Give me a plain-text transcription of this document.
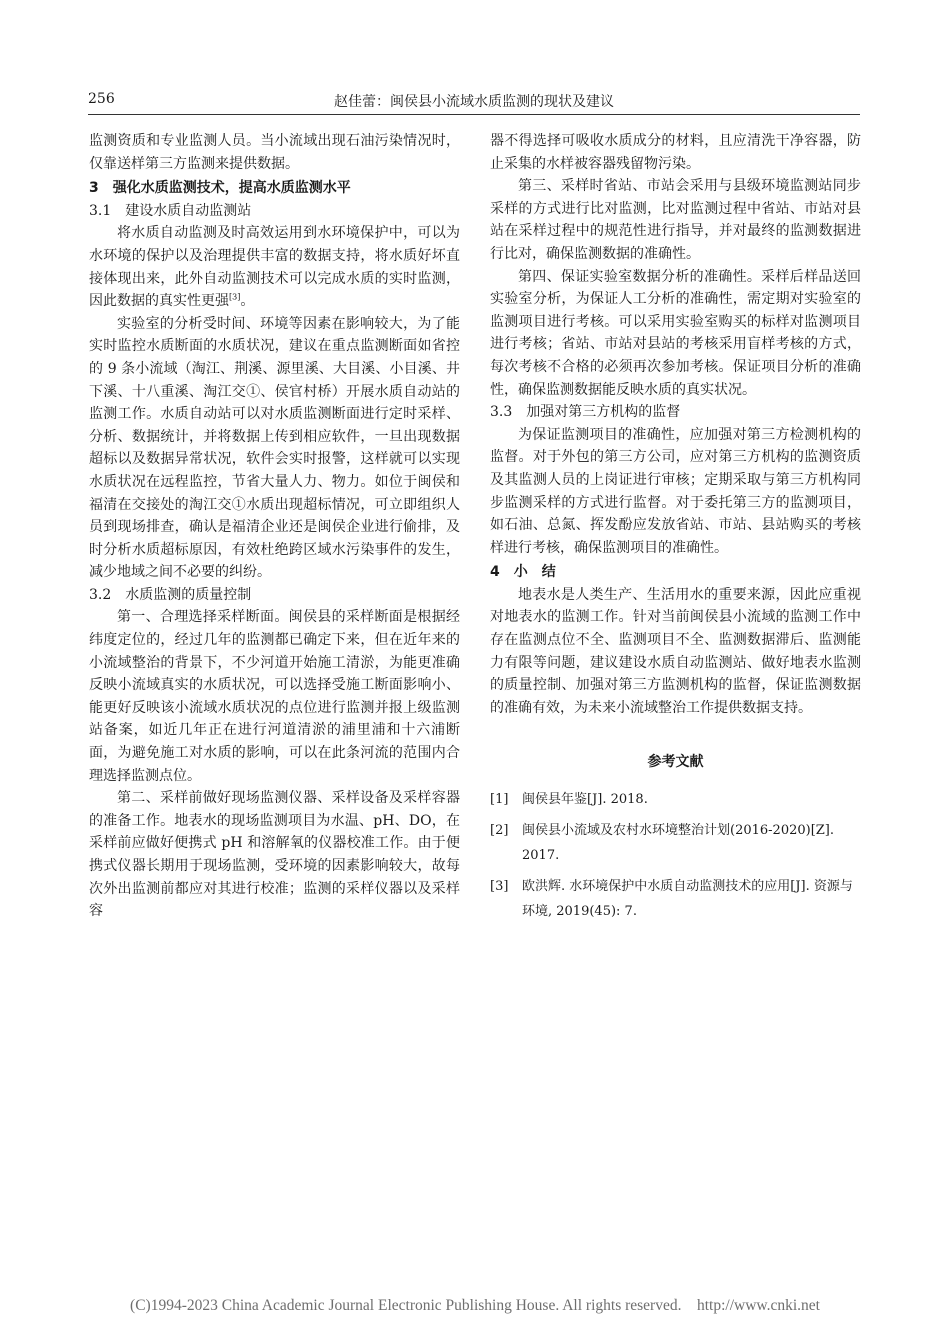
256	赵佳蕾：闽侯县小流域水质监测的现状及建议

监测资质和专业监测人员。当小流域出现石油污染情况时，仅靠送样第三方监测来提供数据。

3　强化水质监测技术，提高水质监测水平
3.1　建设水质自动监测站

将水质自动监测及时高效运用到水环境保护中，可以为水环境的保护以及治理提供丰富的数据支持，将水质好坏直接体现出来，此外自动监测技术可以完成水质的实时监测，因此数据的真实性更强[3]。

实验室的分析受时间、环境等因素在影响较大，为了能实时监控水质断面的水质状况，建议在重点监测断面如省控的 9 条小流域（淘江、荆溪、源里溪、大目溪、小目溪、井下溪、十八重溪、淘江交①、侯官村桥）开展水质自动站的监测工作。水质自动站可以对水质监测断面进行定时采样、分析、数据统计，并将数据上传到相应软件，一旦出现数据超标以及数据异常状况，软件会实时报警，这样就可以实现水质状况在远程监控，节省大量人力、物力。如位于闽侯和福清在交接处的淘江交①水质出现超标情况，可立即组织人员到现场排查，确认是福清企业还是闽侯企业进行偷排，及时分析水质超标原因，有效杜绝跨区域水污染事件的发生，减少地域之间不必要的纠纷。

3.2　水质监测的质量控制

第一、合理选择采样断面。闽侯县的采样断面是根据经纬度定位的，经过几年的监测都已确定下来，但在近年来的小流域整治的背景下，不少河道开始施工清淤，为能更准确反映小流域真实的水质状况，可以选择受施工断面影响小、能更好反映该小流域水质状况的点位进行监测并报上级监测站备案，如近几年正在进行河道清淤的浦里浦和十六浦断面，为避免施工对水质的影响，可以在此条河流的范围内合理选择监测点位。

第二、采样前做好现场监测仪器、采样设备及采样容器的准备工作。地表水的现场监测项目为水温、pH、DO，在采样前应做好便携式 pH 和溶解氧的仪器校准工作。由于便携式仪器长期用于现场监测，受环境的因素影响较大，故每次外出监测前都应对其进行校准；监测的采样仪器以及采样容

器不得选择可吸收水质成分的材料，且应清洗干净容器，防止采集的水样被容器残留物污染。

第三、采样时省站、市站会采用与县级环境监测站同步采样的方式进行比对监测，比对监测过程中省站、市站对县站在采样过程中的规范性进行指导，并对最终的监测数据进行比对，确保监测数据的准确性。

第四、保证实验室数据分析的准确性。采样后样品送回实验室分析，为保证人工分析的准确性，需定期对实验室的监测项目进行考核。可以采用实验室购买的标样对监测项目进行考核；省站、市站对县站的考核采用盲样考核的方式，每次考核不合格的必须再次参加考核。保证项目分析的准确性，确保监测数据能反映水质的真实状况。

3.3　加强对第三方机构的监督

为保证监测项目的准确性，应加强对第三方检测机构的监督。对于外包的第三方公司，应对第三方机构的监测资质及其监测人员的上岗证进行审核；定期采取与第三方机构同步监测采样的方式进行监督。对于委托第三方的监测项目，如石油、总氮、挥发酚应发放省站、市站、县站购买的考核样进行考核，确保监测项目的准确性。

4　小　结

地表水是人类生产、生活用水的重要来源，因此应重视对地表水的监测工作。针对当前闽侯县小流域的监测工作中存在监测点位不全、监测项目不全、监测数据滞后、监测能力有限等问题，建议建设水质自动监测站、做好地表水监测的质量控制、加强对第三方监测机构的监督，保证监测数据的准确有效，为未来小流域整治工作提供数据支持。

参考文献
[1]	闽侯县年鉴[J]. 2018.
[2]	闽侯县小流域及农村水环境整治计划(2016-2020)[Z]. 2017.
[3]	欧洪辉. 水环境保护中水质自动监测技术的应用[J]. 资源与环境, 2019(45): 7.
(C)1994-2023 China Academic Journal Electronic Publishing House. All rights reserved. http://www.cnki.net
